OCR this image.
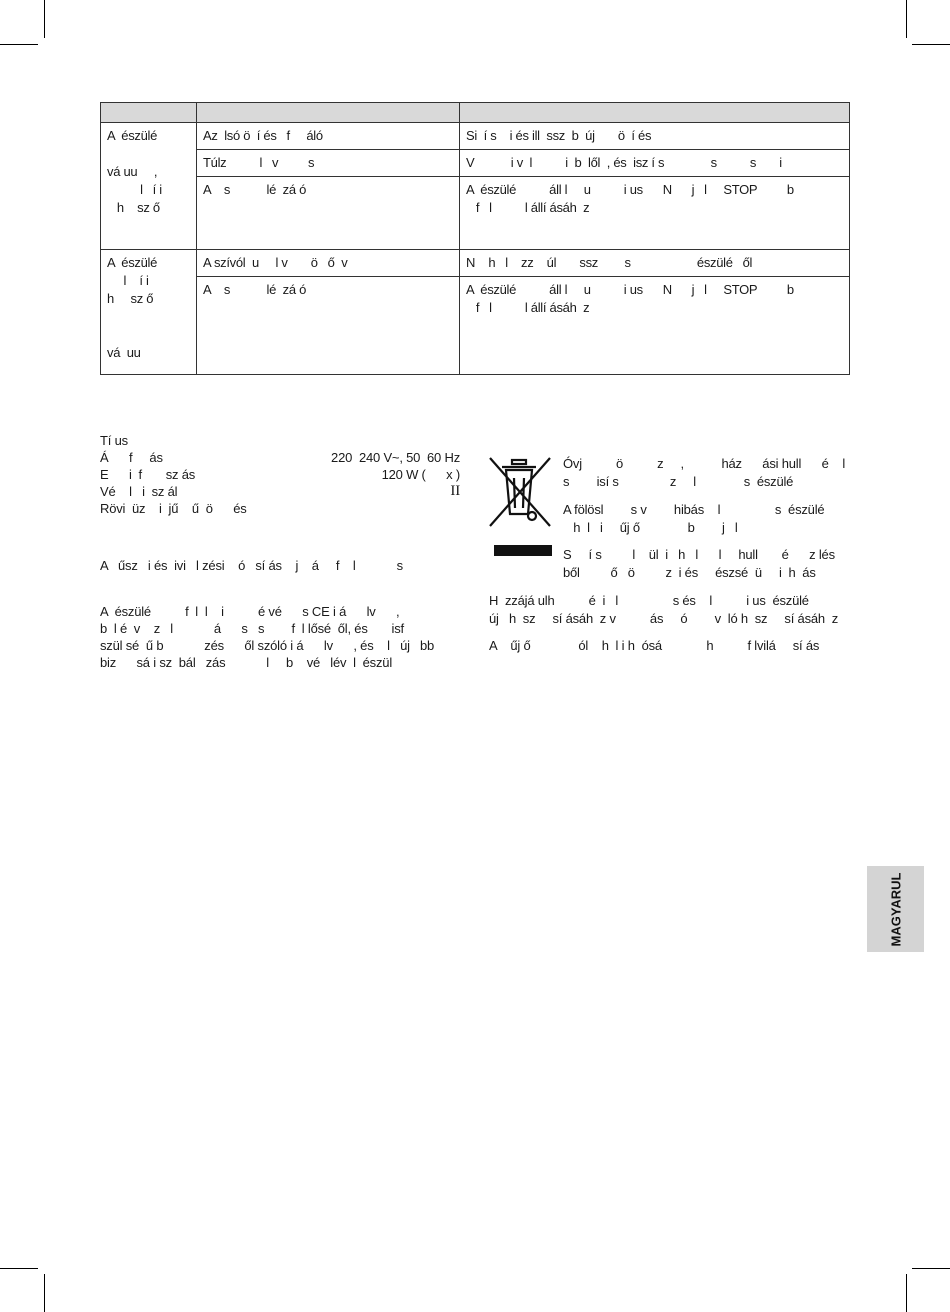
A  észülé

vá uu     ,
l   í i
h    sz ő	Az  lsó ö  í és   f     áló	Si  í s    i és ill  ssz  b  új       ö  í és
	Túlz          l   v         s	V           i v  l          i  b  lől  , és  isz í s              s          s       i
	A    s           lé  zá ó	A  észülé          áll l     u          i us      N      j   l     STOP         b
f   l          l állí ásáh  z
A  észülé
l    í i
h     sz ő

vá  uu	A szívól  u     l v       ö   ő  v	N    h   l    zz    úl       ssz        s                    észülé   ől
	A    s           lé  zá ó	A  észülé          áll l     u          i us      N      j   l     STOP         b
f   l          l állí ásáh  z
Tí us
Á      f     ás	220  240 V~, 50  60 Hz
E      i  f       sz ás	120 W (      x )
Vé    l   i  sz ál	II
Rövi  üz    i  jű    ű  ö      és
A   űsz   i és  ivi   l zési    ó   sí ás    j    á     f    l            s
A  észülé          f  l  l    i          é vé      s CE i á      lv      ,
b  l é  v    z   l            á      s   s        f  l lősé  ől, és       isf
szül sé  ű b            zés      ől szóló i á      lv      , és    l   új   bb
biz      sá i sz  bál   zás            l     b    vé   lév  l  észül
Óvj          ö          z     ,           ház      ási hull      é    l
s        isí s               z     l              s  észülé
A fölösl        s v        hibás    l                s  észülé
h  l   i     űj ő              b        j   l
S     í s         l    ül  i   h   l      l     hull       é      z lés
ből         ő   ö         z  i és     észsé  ü     i  h  ás
H  zzájá ulh          é  i   l                s és    l          i us  észülé
új   h  sz     sí ásáh  z v          ás     ó        v  ló h  sz     sí ásáh  z
A    űj ő              ól    h  l i h  ósá             h          f lvilá     sí ás
MAGYARUL
